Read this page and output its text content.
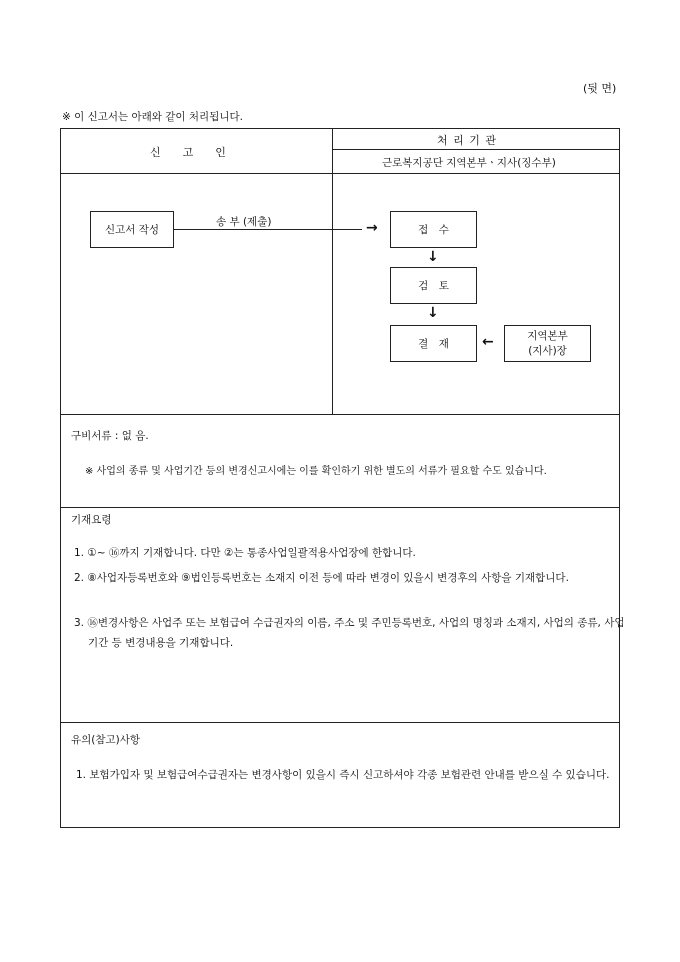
(뒷 면)
※ 이 신고서는 아래와 같이 처리됩니다.
신　　고　　인
처 리 기 관
근로복지공단 지역본부ㆍ지사(징수부)
신고서 작성
송 부 (제출)	→	접　수
↓
검　토
↓
결　재 ←	지역본부
(지사)장
구비서류 : 없 음.
※ 사업의 종류 및 사업기간 등의 변경신고시에는 이를 확인하기 위한 별도의 서류가 필요할 수도 있습니다.
기재요령
1. ①~ ⑯까지 기재합니다. 다만 ②는 통종사업일괄적용사업장에 한합니다.
2. ⑧사업자등록번호와 ⑨법인등록번호는 소재지 이전 등에 따라 변경이 있을시 변경후의 사항을 기재합니다.
3. ⑯변경사항은 사업주 또는 보험급여 수급권자의 이름, 주소 및 주민등록번호, 사업의 명칭과 소재지, 사업의 종류, 사업기간 등 변경내용을 기재합니다.
유의(참고)사항
1. 보험가입자 및 보험급여수급권자는 변경사항이 있을시 즉시 신고하셔야 각종 보험관련 안내를 받으실 수 있습니다.
